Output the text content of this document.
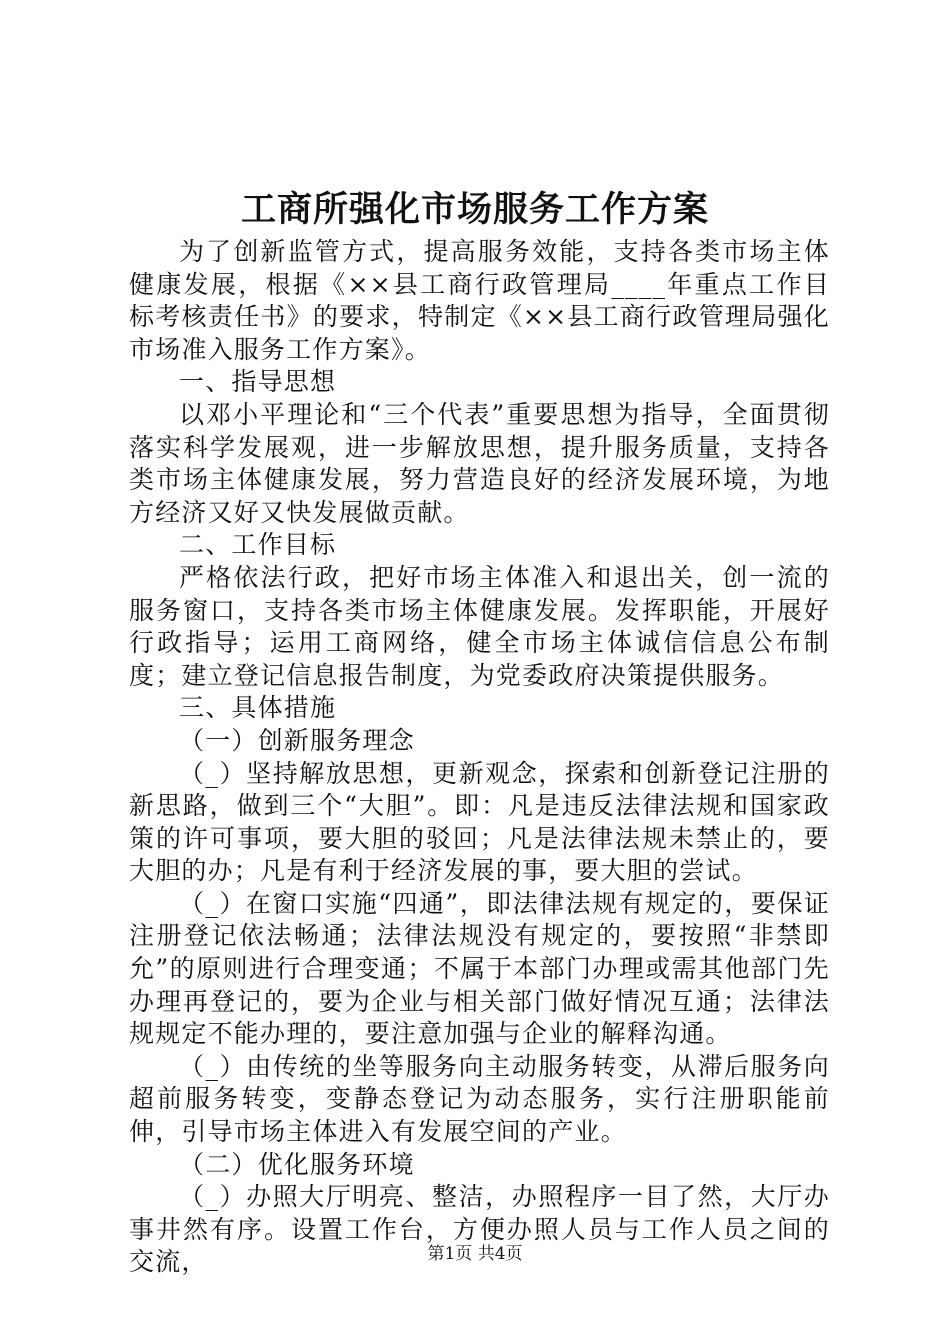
工商所强化市场服务工作方案

为了创新监管方式，提高服务效能，支持各类市场主体健康发展，根据《××县工商行政管理局____年重点工作目标考核责任书》的要求，特制定《××县工商行政管理局强化市场准入服务工作方案》。

一、指导思想

以邓小平理论和“三个代表”重要思想为指导，全面贯彻落实科学发展观，进一步解放思想，提升服务质量，支持各类市场主体健康发展，努力营造良好的经济发展环境，为地方经济又好又快发展做贡献。

二、工作目标

严格依法行政，把好市场主体准入和退出关，创一流的服务窗口，支持各类市场主体健康发展。发挥职能，开展好行政指导；运用工商网络，健全市场主体诚信信息公布制度；建立登记信息报告制度，为党委政府决策提供服务。

三、具体措施

（一）创新服务理念

（_）坚持解放思想，更新观念，探索和创新登记注册的新思路，做到三个“大胆”。即：凡是违反法律法规和国家政策的许可事项，要大胆的驳回；凡是法律法规未禁止的，要大胆的办；凡是有利于经济发展的事，要大胆的尝试。

（_）在窗口实施“四通”，即法律法规有规定的，要保证注册登记依法畅通；法律法规没有规定的，要按照“非禁即允”的原则进行合理变通；不属于本部门办理或需其他部门先办理再登记的，要为企业与相关部门做好情况互通；法律法规规定不能办理的，要注意加强与企业的解释沟通。

（_）由传统的坐等服务向主动服务转变，从滞后服务向超前服务转变，变静态登记为动态服务，实行注册职能前伸，引导市场主体进入有发展空间的产业。

（二）优化服务环境

（_）办照大厅明亮、整洁，办照程序一目了然，大厅办事井然有序。设置工作台，方便办照人员与工作人员之间的交流，	第1页 共4页
